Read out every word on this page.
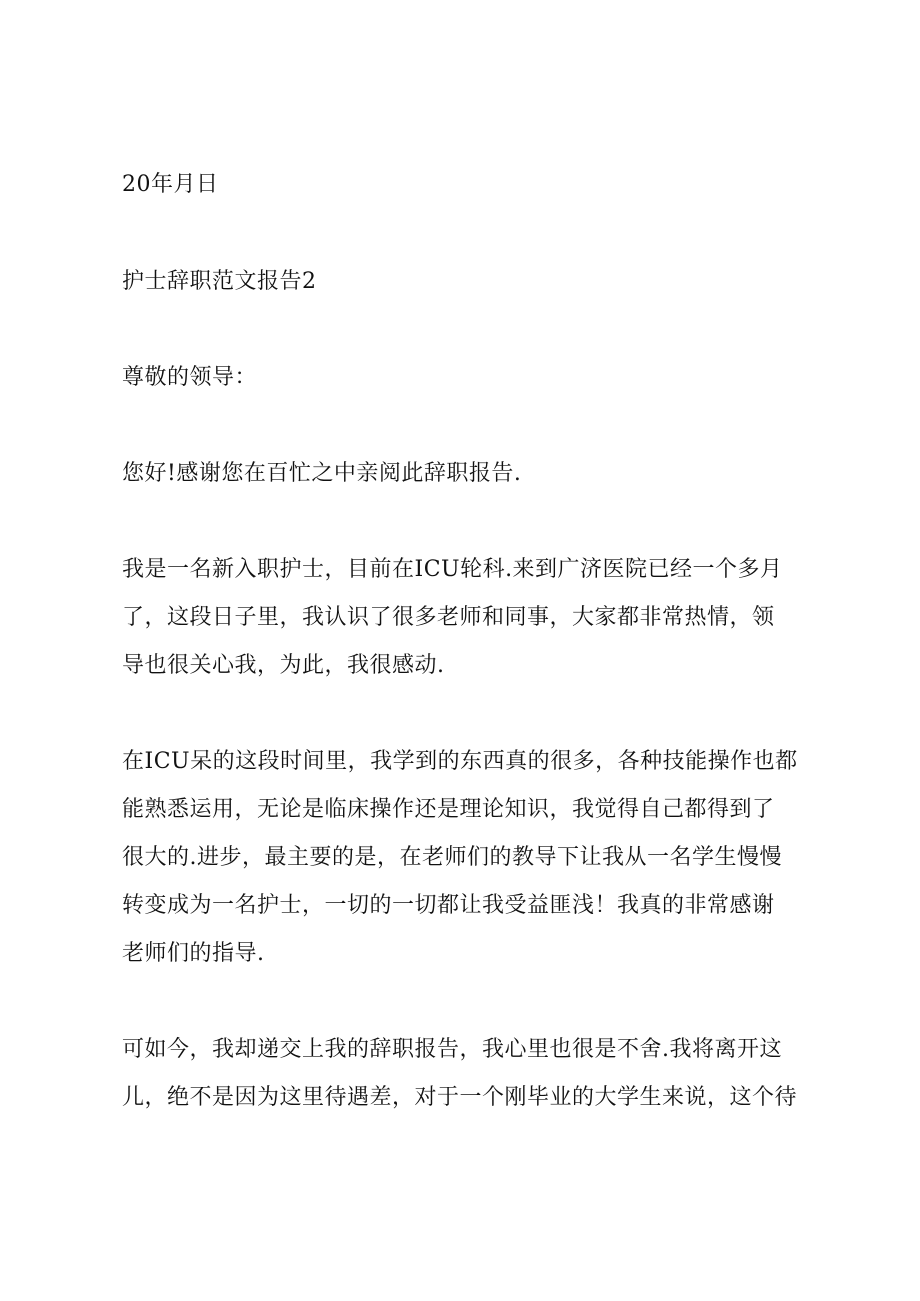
20年月日
护士辞职范文报告2
尊敬的领导：
您好!感谢您在百忙之中亲阅此辞职报告.
我是一名新入职护士，目前在ICU轮科.来到广济医院已经一个多月
了，这段日子里，我认识了很多老师和同事，大家都非常热情，领
导也很关心我，为此，我很感动.
在ICU呆的这段时间里，我学到的东西真的很多，各种技能操作也都
能熟悉运用，无论是临床操作还是理论知识，我觉得自己都得到了
很大的.进步，最主要的是，在老师们的教导下让我从一名学生慢慢
转变成为一名护士，一切的一切都让我受益匪浅！我真的非常感谢
老师们的指导.
可如今，我却递交上我的辞职报告，我心里也很是不舍.我将离开这
儿，绝不是因为这里待遇差，对于一个刚毕业的大学生来说，这个待
